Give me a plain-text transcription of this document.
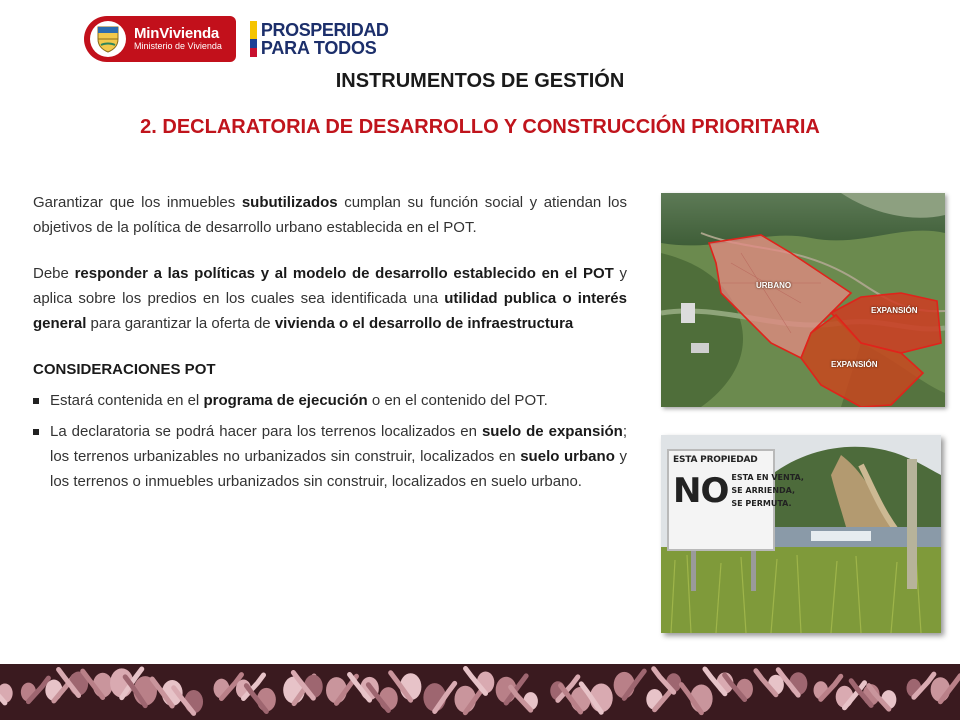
MinVivienda
Ministerio de Vivienda
PROSPERIDAD
PARA TODOS
INSTRUMENTOS DE GESTIÓN
2. DECLARATORIA DE DESARROLLO Y CONSTRUCCIÓN PRIORITARIA

Garantizar que los inmuebles subutilizados cumplan su función social y atiendan los objetivos de la política de desarrollo urbano establecida en el POT.

Debe responder a las políticas y al modelo de desarrollo establecido en el POT y aplica sobre los predios en los cuales sea identificada una utilidad publica o interés general para garantizar la oferta de vivienda o el desarrollo de infraestructura

CONSIDERACIONES POT

Estará contenida en el programa de ejecución o en el contenido del POT.
La declaratoria se podrá hacer para los terrenos localizados en suelo de expansión; los terrenos urbanizables no urbanizados sin construir, localizados en suelo urbano y los terrenos o inmuebles urbanizados sin construir, localizados en suelo urbano.
URBANO
EXPANSIÓN
EXPANSIÓN
ESTA PROPIEDAD
NO ESTA EN VENTA,
SE ARRIENDA,
SE PERMUTA.
